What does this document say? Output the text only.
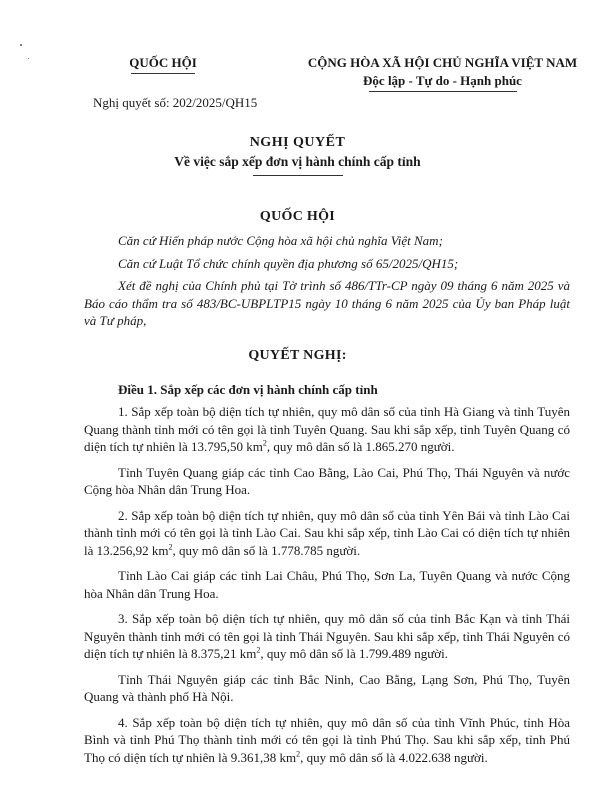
QUỐC HỘI	CỘNG HÒA XÃ HỘI CHỦ NGHĨA VIỆT NAM
Độc lập - Tự do - Hạnh phúc
Nghị quyết số: 202/2025/QH15
NGHỊ QUYẾT
Về việc sắp xếp đơn vị hành chính cấp tỉnh
QUỐC HỘI
Căn cứ Hiến pháp nước Cộng hòa xã hội chủ nghĩa Việt Nam;
Căn cứ Luật Tổ chức chính quyền địa phương số 65/2025/QH15;
Xét đề nghị của Chính phủ tại Tờ trình số 486/TTr-CP ngày 09 tháng 6 năm 2025 và Báo cáo thẩm tra số 483/BC-UBPLTP15 ngày 10 tháng 6 năm 2025 của Ủy ban Pháp luật và Tư pháp,
QUYẾT NGHỊ:
Điều 1. Sắp xếp các đơn vị hành chính cấp tỉnh
1. Sắp xếp toàn bộ diện tích tự nhiên, quy mô dân số của tỉnh Hà Giang và tỉnh Tuyên Quang thành tỉnh mới có tên gọi là tỉnh Tuyên Quang. Sau khi sắp xếp, tỉnh Tuyên Quang có diện tích tự nhiên là 13.795,50 $km^2$, quy mô dân số là 1.865.270 người.
Tỉnh Tuyên Quang giáp các tỉnh Cao Bằng, Lào Cai, Phú Thọ, Thái Nguyên và nước Cộng hòa Nhân dân Trung Hoa.
2. Sắp xếp toàn bộ diện tích tự nhiên, quy mô dân số của tỉnh Yên Bái và tỉnh Lào Cai thành tỉnh mới có tên gọi là tỉnh Lào Cai. Sau khi sắp xếp, tỉnh Lào Cai có diện tích tự nhiên là 13.256,92 $km^2$, quy mô dân số là 1.778.785 người.
Tỉnh Lào Cai giáp các tỉnh Lai Châu, Phú Thọ, Sơn La, Tuyên Quang và nước Cộng hòa Nhân dân Trung Hoa.
3. Sắp xếp toàn bộ diện tích tự nhiên, quy mô dân số của tỉnh Bắc Kạn và tỉnh Thái Nguyên thành tỉnh mới có tên gọi là tỉnh Thái Nguyên. Sau khi sắp xếp, tỉnh Thái Nguyên có diện tích tự nhiên là 8.375,21 $km^2$, quy mô dân số là 1.799.489 người.
Tỉnh Thái Nguyên giáp các tỉnh Bắc Ninh, Cao Bằng, Lạng Sơn, Phú Thọ, Tuyên Quang và thành phố Hà Nội.
4. Sắp xếp toàn bộ diện tích tự nhiên, quy mô dân số của tỉnh Vĩnh Phúc, tỉnh Hòa Bình và tỉnh Phú Thọ thành tỉnh mới có tên gọi là tỉnh Phú Thọ. Sau khi sắp xếp, tỉnh Phú Thọ có diện tích tự nhiên là 9.361,38 $km^2$, quy mô dân số là 4.022.638 người.
